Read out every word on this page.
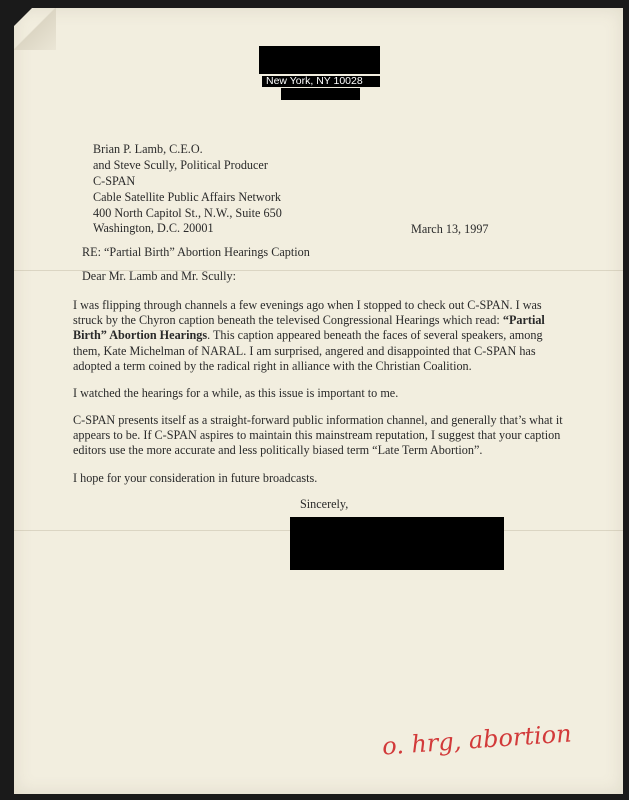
New York, NY 10028
Brian P. Lamb, C.E.O.
and Steve Scully, Political Producer
C-SPAN
Cable Satellite Public Affairs Network
400 North Capitol St., N.W., Suite 650
Washington, D.C. 20001	March 13, 1997
RE: “Partial Birth” Abortion Hearings Caption
Dear Mr. Lamb and Mr. Scully:
I was flipping through channels a few evenings ago when I stopped to check out C-SPAN. I was struck by the Chyron caption beneath the televised Congressional Hearings which read: “Partial Birth” Abortion Hearings. This caption appeared beneath the faces of several speakers, among them, Kate Michelman of NARAL. I am surprised, angered and disappointed that C-SPAN has adopted a term coined by the radical right in alliance with the Christian Coalition.
I watched the hearings for a while, as this issue is important to me.
C-SPAN presents itself as a straight-forward public information channel, and generally that’s what it appears to be. If C-SPAN aspires to maintain this mainstream reputation, I suggest that your caption editors use the more accurate and less politically biased term “Late Term Abortion”.
I hope for your consideration in future broadcasts.
Sincerely,
o. hrg, abortion
